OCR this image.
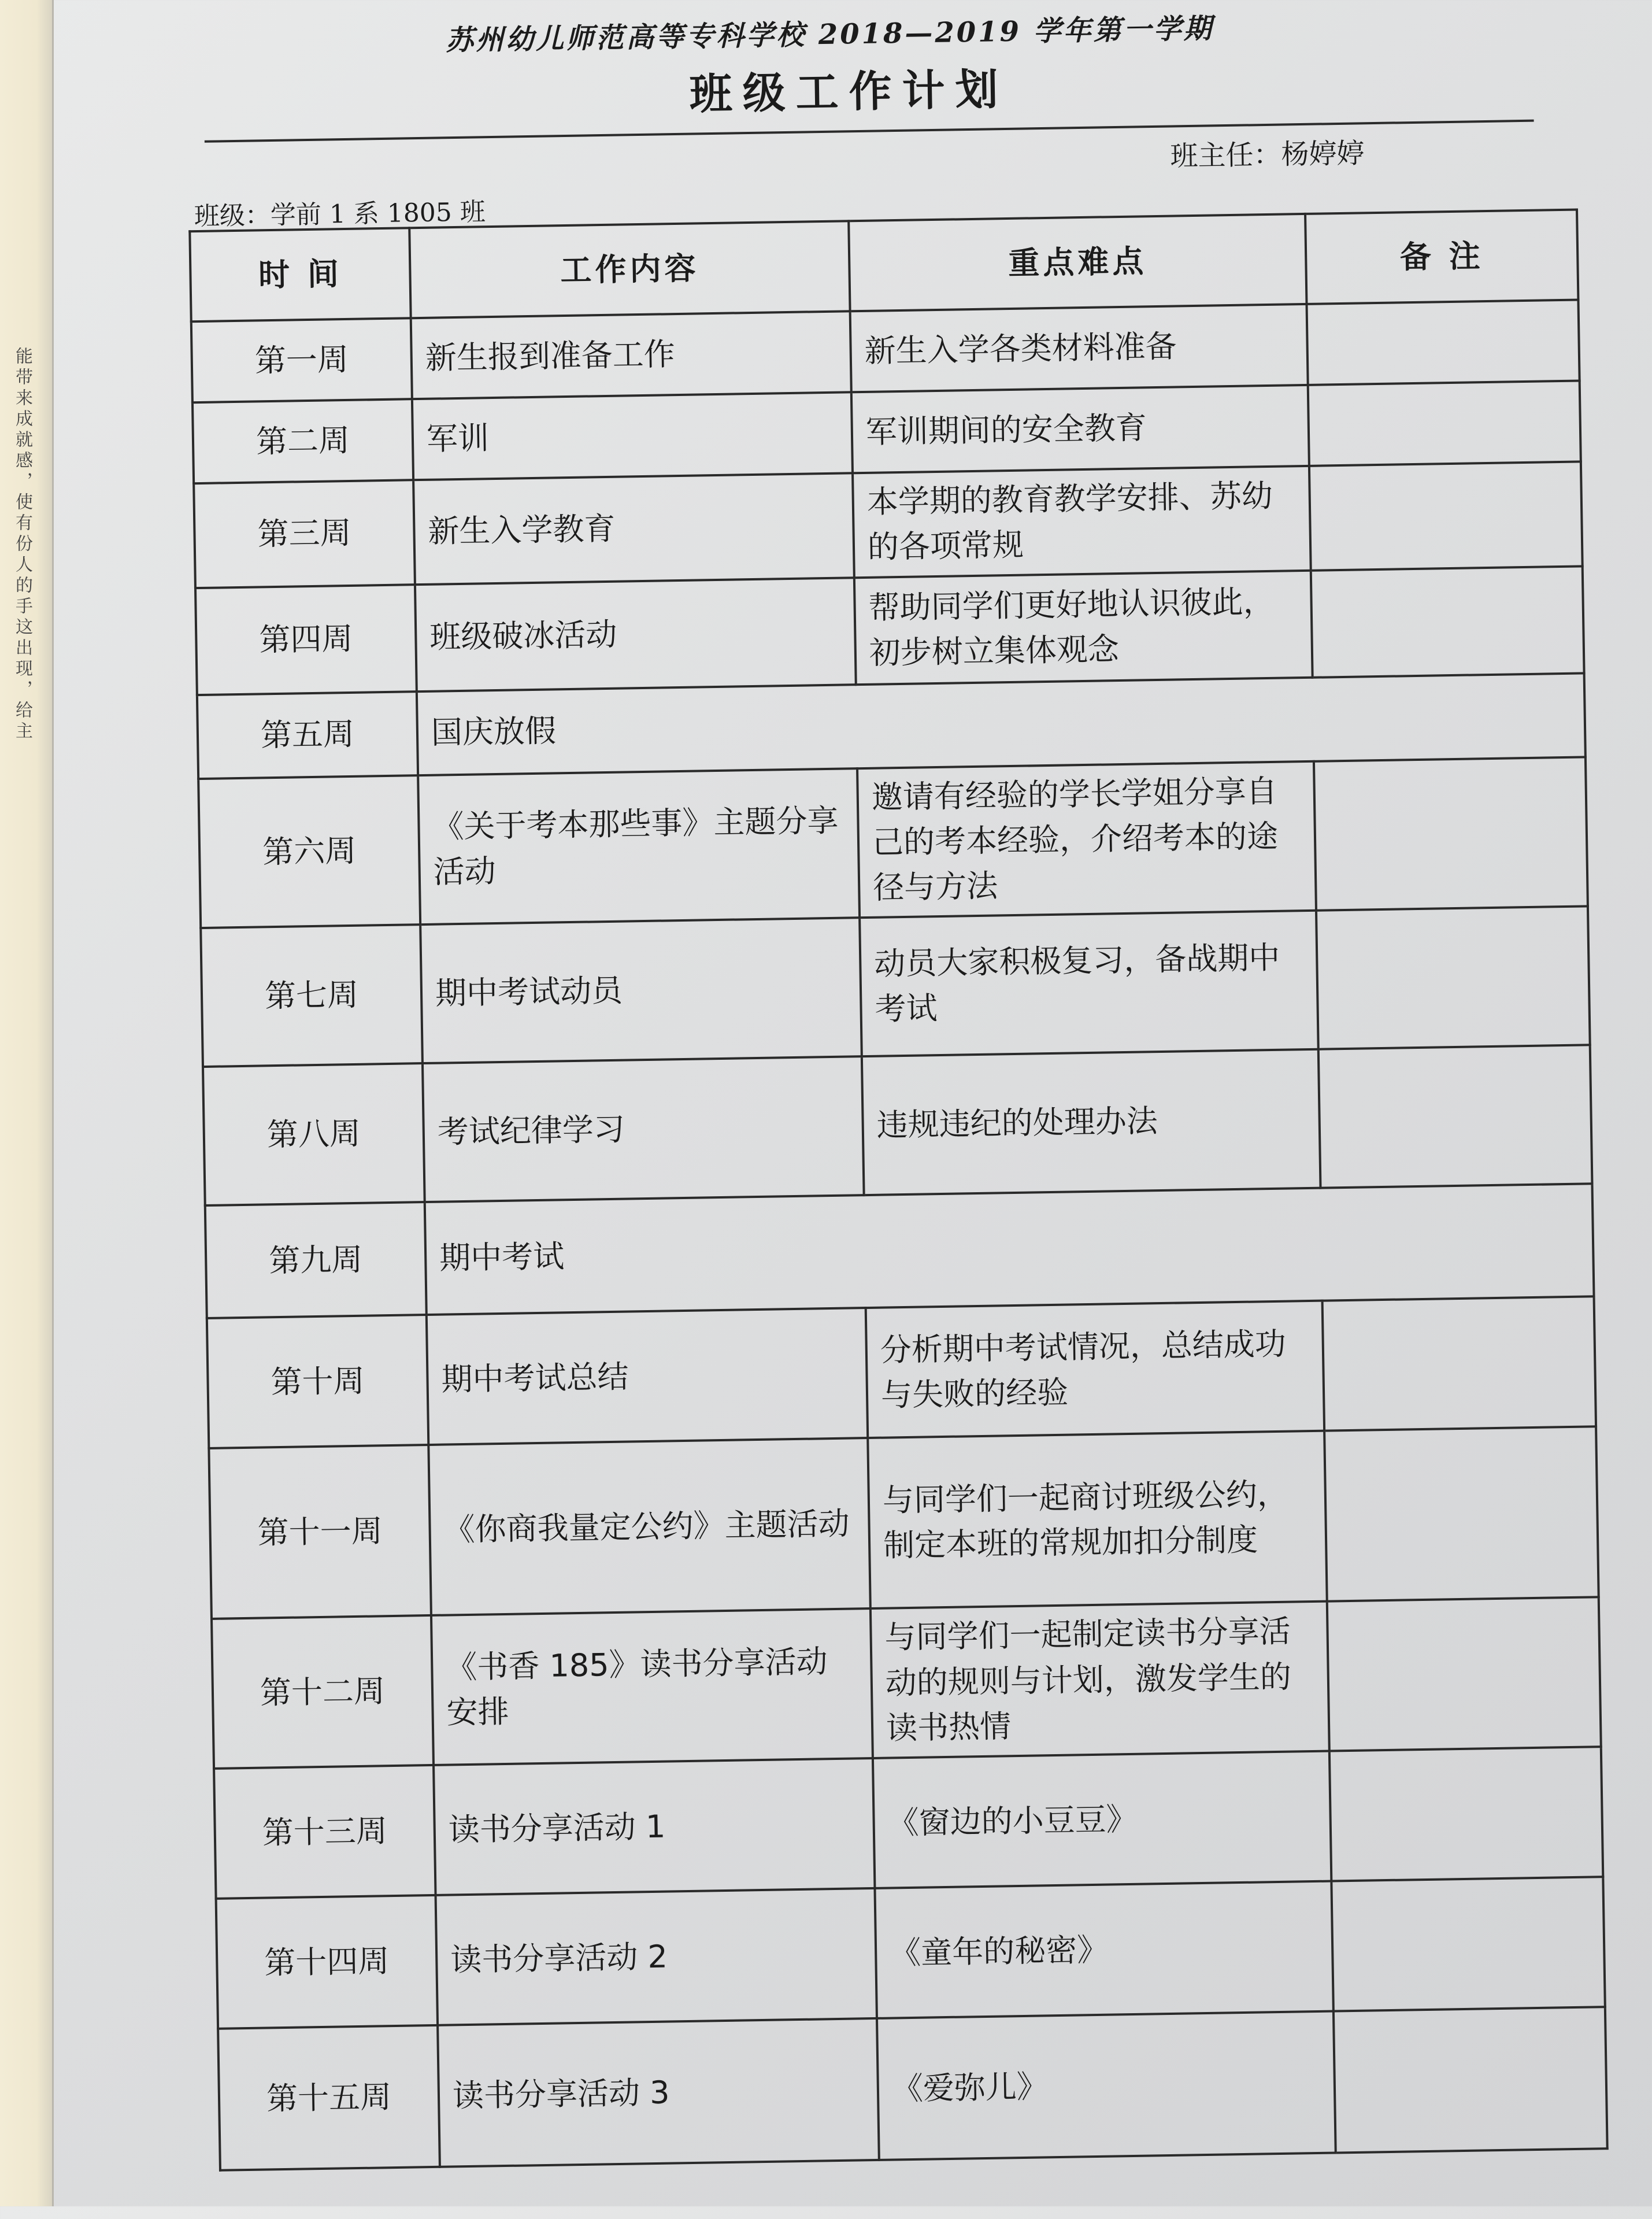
能带来成就感，使有份人的手这出现，给主
苏州幼儿师范高等专科学校 2018—2019 学年第一学期
班级工作计划
班主任：杨婷婷
班级：学前 1 系 1805 班
时 间	工作内容	重点难点	备 注
第一周	新生报到准备工作	新生入学各类材料准备	
第二周	军训	军训期间的安全教育	
第三周	新生入学教育	本学期的教育教学安排、苏幼的各项常规	
第四周	班级破冰活动	帮助同学们更好地认识彼此，初步树立集体观念	
第五周	国庆放假		
第六周	《关于考本那些事》主题分享活动	邀请有经验的学长学姐分享自己的考本经验，介绍考本的途径与方法	
第七周	期中考试动员	动员大家积极复习，备战期中考试	
第八周	考试纪律学习	违规违纪的处理办法	
第九周	期中考试		
第十周	期中考试总结	分析期中考试情况，总结成功与失败的经验	
第十一周	《你商我量定公约》主题活动	与同学们一起商讨班级公约，制定本班的常规加扣分制度	
第十二周	《书香 185》读书分享活动安排	与同学们一起制定读书分享活动的规则与计划，激发学生的读书热情	
第十三周	读书分享活动 1	《窗边的小豆豆》	
第十四周	读书分享活动 2	《童年的秘密》	
第十五周	读书分享活动 3	《爱弥儿》	
